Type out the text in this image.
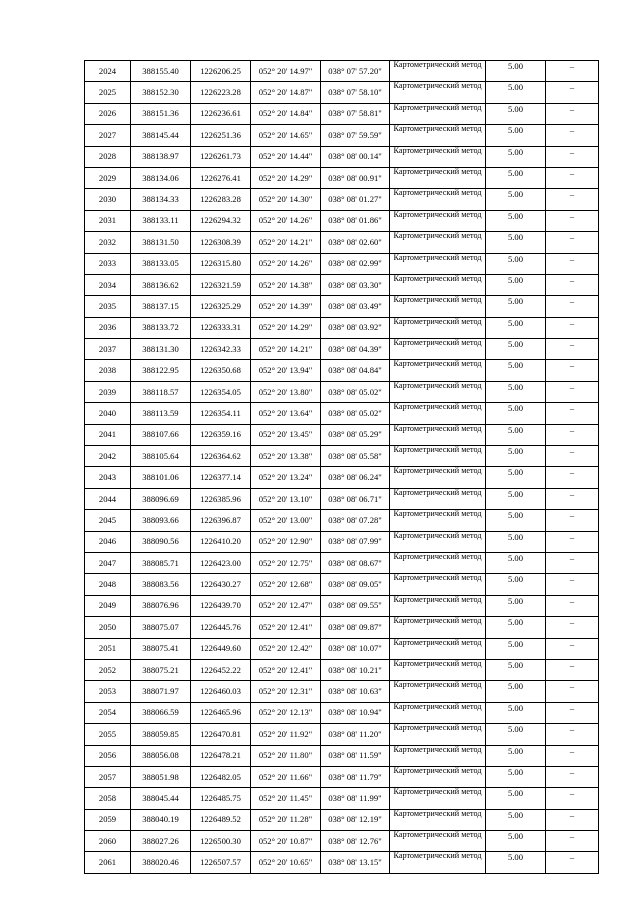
2024	388155.40	1226206.25	052° 20' 14.97"	038° 07' 57.20"	Картометрический метод	5.00	–
2025	388152.30	1226223.28	052° 20' 14.87"	038° 07' 58.10"	Картометрический метод	5.00	–
2026	388151.36	1226236.61	052° 20' 14.84"	038° 07' 58.81"	Картометрический метод	5.00	–
2027	388145.44	1226251.36	052° 20' 14.65"	038° 07' 59.59"	Картометрический метод	5.00	–
2028	388138.97	1226261.73	052° 20' 14.44"	038° 08' 00.14"	Картометрический метод	5.00	–
2029	388134.06	1226276.41	052° 20' 14.29"	038° 08' 00.91"	Картометрический метод	5.00	–
2030	388134.33	1226283.28	052° 20' 14.30"	038° 08' 01.27"	Картометрический метод	5.00	–
2031	388133.11	1226294.32	052° 20' 14.26"	038° 08' 01.86"	Картометрический метод	5.00	–
2032	388131.50	1226308.39	052° 20' 14.21"	038° 08' 02.60"	Картометрический метод	5.00	–
2033	388133.05	1226315.80	052° 20' 14.26"	038° 08' 02.99"	Картометрический метод	5.00	–
2034	388136.62	1226321.59	052° 20' 14.38"	038° 08' 03.30"	Картометрический метод	5.00	–
2035	388137.15	1226325.29	052° 20' 14.39"	038° 08' 03.49"	Картометрический метод	5.00	–
2036	388133.72	1226333.31	052° 20' 14.29"	038° 08' 03.92"	Картометрический метод	5.00	–
2037	388131.30	1226342.33	052° 20' 14.21"	038° 08' 04.39"	Картометрический метод	5.00	–
2038	388122.95	1226350.68	052° 20' 13.94"	038° 08' 04.84"	Картометрический метод	5.00	–
2039	388118.57	1226354.05	052° 20' 13.80"	038° 08' 05.02"	Картометрический метод	5.00	–
2040	388113.59	1226354.11	052° 20' 13.64"	038° 08' 05.02"	Картометрический метод	5.00	–
2041	388107.66	1226359.16	052° 20' 13.45"	038° 08' 05.29"	Картометрический метод	5.00	–
2042	388105.64	1226364.62	052° 20' 13.38"	038° 08' 05.58"	Картометрический метод	5.00	–
2043	388101.06	1226377.14	052° 20' 13.24"	038° 08' 06.24"	Картометрический метод	5.00	–
2044	388096.69	1226385.96	052° 20' 13.10"	038° 08' 06.71"	Картометрический метод	5.00	–
2045	388093.66	1226396.87	052° 20' 13.00"	038° 08' 07.28"	Картометрический метод	5.00	–
2046	388090.56	1226410.20	052° 20' 12.90"	038° 08' 07.99"	Картометрический метод	5.00	–
2047	388085.71	1226423.00	052° 20' 12.75"	038° 08' 08.67"	Картометрический метод	5.00	–
2048	388083.56	1226430.27	052° 20' 12.68"	038° 08' 09.05"	Картометрический метод	5.00	–
2049	388076.96	1226439.70	052° 20' 12.47"	038° 08' 09.55"	Картометрический метод	5.00	–
2050	388075.07	1226445.76	052° 20' 12.41"	038° 08' 09.87"	Картометрический метод	5.00	–
2051	388075.41	1226449.60	052° 20' 12.42"	038° 08' 10.07"	Картометрический метод	5.00	–
2052	388075.21	1226452.22	052° 20' 12.41"	038° 08' 10.21"	Картометрический метод	5.00	–
2053	388071.97	1226460.03	052° 20' 12.31"	038° 08' 10.63"	Картометрический метод	5.00	–
2054	388066.59	1226465.96	052° 20' 12.13"	038° 08' 10.94"	Картометрический метод	5.00	–
2055	388059.85	1226470.81	052° 20' 11.92"	038° 08' 11.20"	Картометрический метод	5.00	–
2056	388056.08	1226478.21	052° 20' 11.80"	038° 08' 11.59"	Картометрический метод	5.00	–
2057	388051.98	1226482.05	052° 20' 11.66"	038° 08' 11.79"	Картометрический метод	5.00	–
2058	388045.44	1226485.75	052° 20' 11.45"	038° 08' 11.99"	Картометрический метод	5.00	–
2059	388040.19	1226489.52	052° 20' 11.28"	038° 08' 12.19"	Картометрический метод	5.00	–
2060	388027.26	1226500.30	052° 20' 10.87"	038° 08' 12.76"	Картометрический метод	5.00	–
2061	388020.46	1226507.57	052° 20' 10.65"	038° 08' 13.15"	Картометрический метод	5.00	–
